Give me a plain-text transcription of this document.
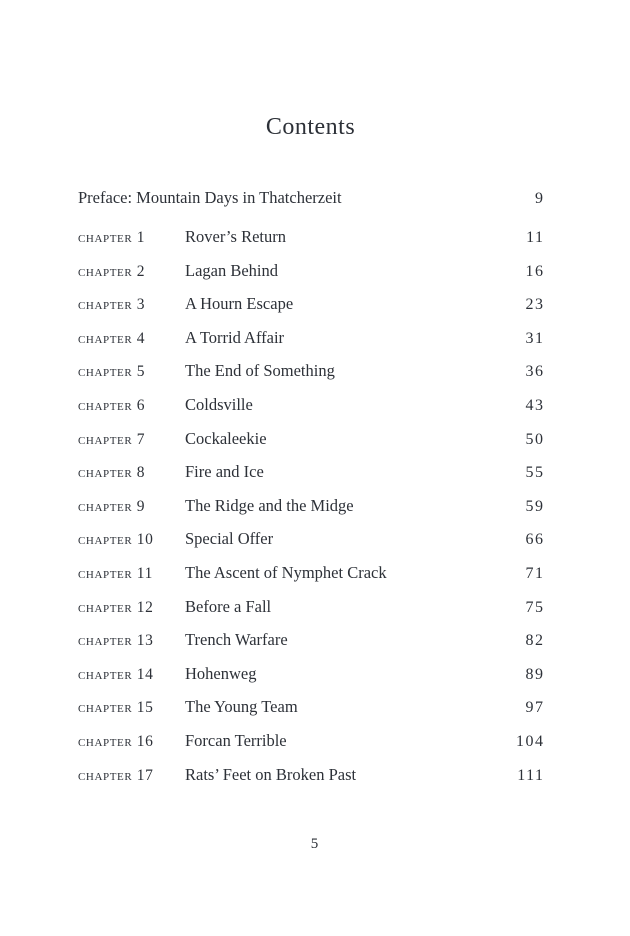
Contents
Preface: Mountain Days in Thatcherzeit	9
chapter 1	Rover’s Return	11
chapter 2	Lagan Behind	16
chapter 3	A Hourn Escape	23
chapter 4	A Torrid Affair	31
chapter 5	The End of Something	36
chapter 6	Coldsville	43
chapter 7	Cockaleekie	50
chapter 8	Fire and Ice	55
chapter 9	The Ridge and the Midge	59
chapter 10	Special Offer	66
chapter 11	The Ascent of Nymphet Crack	71
chapter 12	Before a Fall	75
chapter 13	Trench Warfare	82
chapter 14	Hohenweg	89
chapter 15	The Young Team	97
chapter 16	Forcan Terrible	104
chapter 17	Rats’ Feet on Broken Past	111
5
